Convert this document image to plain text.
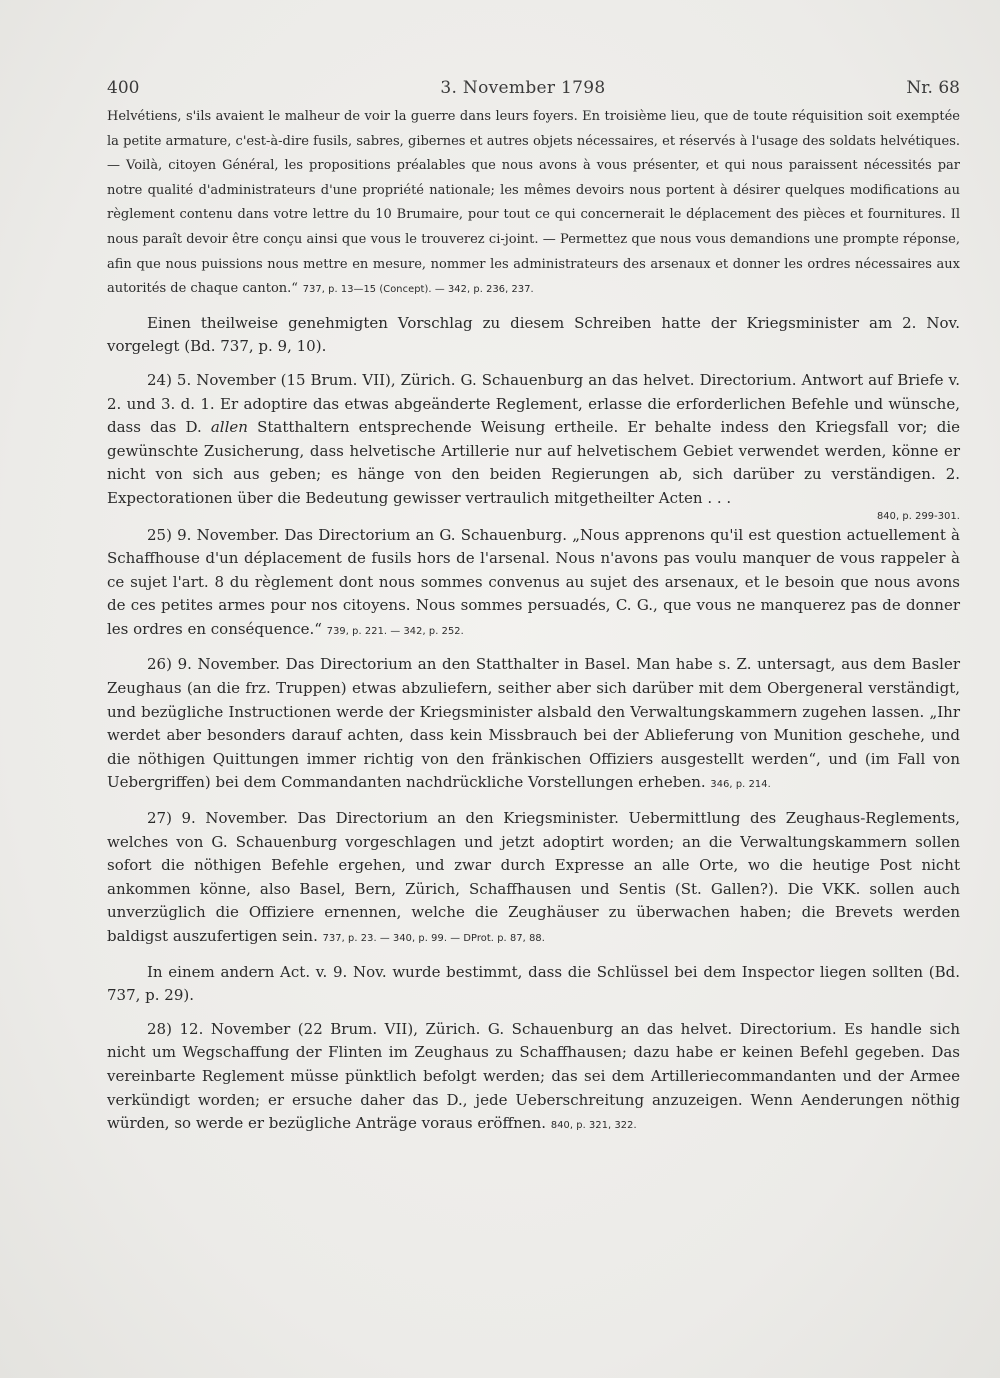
400	3. November 1798	Nr. 68

Helvétiens, s'ils avaient le malheur de voir la guerre dans leurs foyers. En troisième lieu, que de toute réquisition soit exemptée la petite armature, c'est-à-dire fusils, sabres, gibernes et autres objets nécessaires, et réservés à l'usage des soldats helvétiques. — Voilà, citoyen Général, les propositions préalables que nous avons à vous présenter, et qui nous paraissent nécessités par notre qualité d'administrateurs d'une propriété nationale; les mêmes devoirs nous portent à désirer quelques modifications au règlement contenu dans votre lettre du 10 Brumaire, pour tout ce qui concernerait le déplacement des pièces et fournitures. Il nous paraît devoir être conçu ainsi que vous le trouverez ci-joint. — Permettez que nous vous demandions une prompte réponse, afin que nous puissions nous mettre en mesure, nommer les administrateurs des arsenaux et donner les ordres nécessaires aux autorités de chaque canton.“ 737, p. 13—15 (Concept). — 342, p. 236, 237.

Einen theilweise genehmigten Vorschlag zu diesem Schreiben hatte der Kriegsminister am 2. Nov. vorgelegt (Bd. 737, p. 9, 10).

24) 5. November (15 Brum. VII), Zürich. G. Schauenburg an das helvet. Directorium. Antwort auf Briefe v. 2. und 3. d. 1. Er adoptire das etwas abgeänderte Reglement, erlasse die erforderlichen Befehle und wünsche, dass das D. allen Statthaltern entsprechende Weisung ertheile. Er behalte indess den Kriegsfall vor; die gewünschte Zusicherung, dass helvetische Artillerie nur auf helvetischem Gebiet verwendet werden, könne er nicht von sich aus geben; es hänge von den beiden Regierungen ab, sich darüber zu verständigen. 2. Expectorationen über die Bedeutung gewisser vertraulich mitgetheilter Acten . . .
840, p. 299-301.

25) 9. November. Das Directorium an G. Schauenburg. „Nous apprenons qu'il est question actuellement à Schaffhouse d'un déplacement de fusils hors de l'arsenal. Nous n'avons pas voulu manquer de vous rappeler à ce sujet l'art. 8 du règlement dont nous sommes convenus au sujet des arsenaux, et le besoin que nous avons de ces petites armes pour nos citoyens. Nous sommes persuadés, C. G., que vous ne manquerez pas de donner les ordres en conséquence.“ 739, p. 221. — 342, p. 252.

26) 9. November. Das Directorium an den Statthalter in Basel. Man habe s. Z. untersagt, aus dem Basler Zeughaus (an die frz. Truppen) etwas abzuliefern, seither aber sich darüber mit dem Obergeneral verständigt, und bezügliche Instructionen werde der Kriegsminister alsbald den Verwaltungskammern zugehen lassen. „Ihr werdet aber besonders darauf achten, dass kein Missbrauch bei der Ablieferung von Munition geschehe, und die nöthigen Quittungen immer richtig von den fränkischen Offiziers ausgestellt werden“, und (im Fall von Uebergriffen) bei dem Commandanten nachdrückliche Vorstellungen erheben. 346, p. 214.

27) 9. November. Das Directorium an den Kriegsminister. Uebermittlung des Zeughaus-Reglements, welches von G. Schauenburg vorgeschlagen und jetzt adoptirt worden; an die Verwaltungskammern sollen sofort die nöthigen Befehle ergehen, und zwar durch Expresse an alle Orte, wo die heutige Post nicht ankommen könne, also Basel, Bern, Zürich, Schaffhausen und Sentis (St. Gallen?). Die VKK. sollen auch unverzüglich die Offiziere ernennen, welche die Zeughäuser zu überwachen haben; die Brevets werden baldigst auszufertigen sein. 737, p. 23. — 340, p. 99. — DProt. p. 87, 88.

In einem andern Act. v. 9. Nov. wurde bestimmt, dass die Schlüssel bei dem Inspector liegen sollten (Bd. 737, p. 29).

28) 12. November (22 Brum. VII), Zürich. G. Schauenburg an das helvet. Directorium. Es handle sich nicht um Wegschaffung der Flinten im Zeughaus zu Schaffhausen; dazu habe er keinen Befehl gegeben. Das vereinbarte Reglement müsse pünktlich befolgt werden; das sei dem Artilleriecommandanten und der Armee verkündigt worden; er ersuche daher das D., jede Ueberschreitung anzuzeigen. Wenn Aenderungen nöthig würden, so werde er bezügliche Anträge voraus eröffnen. 840, p. 321, 322.
